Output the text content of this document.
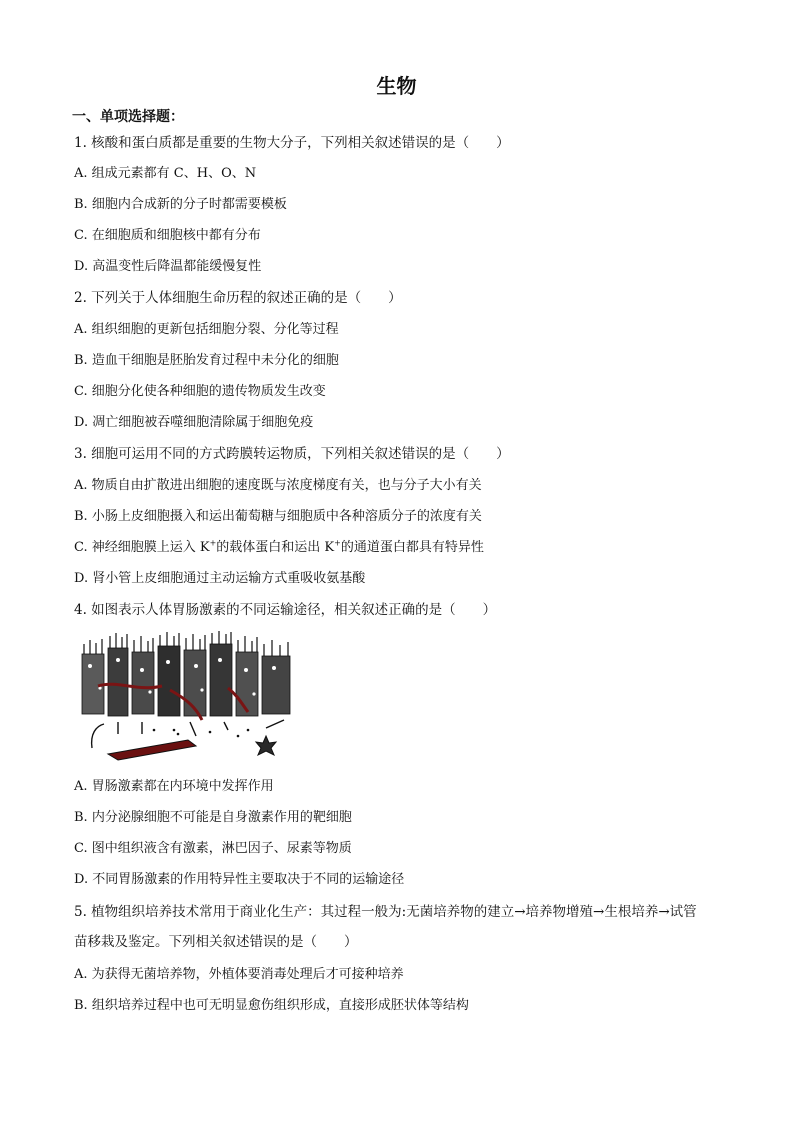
生物
一、单项选择题：
1. 核酸和蛋白质都是重要的生物大分子，下列相关叙述错误的是（　　）
A. 组成元素都有 C、H、O、N
B. 细胞内合成新的分子时都需要模板
C. 在细胞质和细胞核中都有分布
D. 高温变性后降温都能缓慢复性
2. 下列关于人体细胞生命历程的叙述正确的是（　　）
A. 组织细胞的更新包括细胞分裂、分化等过程
B. 造血干细胞是胚胎发育过程中未分化的细胞
C. 细胞分化使各种细胞的遗传物质发生改变
D. 凋亡细胞被吞噬细胞清除属于细胞免疫
3. 细胞可运用不同的方式跨膜转运物质，下列相关叙述错误的是（　　）
A. 物质自由扩散进出细胞的速度既与浓度梯度有关，也与分子大小有关
B. 小肠上皮细胞摄入和运出葡萄糖与细胞质中各种溶质分子的浓度有关
C. 神经细胞膜上运入 K+的载体蛋白和运出 K+的通道蛋白都具有特异性
D. 肾小管上皮细胞通过主动运输方式重吸收氨基酸
4. 如图表示人体胃肠激素的不同运输途径，相关叙述正确的是（　　）
A. 胃肠激素都在内环境中发挥作用
B. 内分泌腺细胞不可能是自身激素作用的靶细胞
C. 图中组织液含有激素，淋巴因子、尿素等物质
D. 不同胃肠激素的作用特异性主要取决于不同的运输途径
5. 植物组织培养技术常用于商业化生产：其过程一般为:无菌培养物的建立→培养物增殖→生根培养→试管
苗移栽及鉴定。下列相关叙述错误的是（　　）
A. 为获得无菌培养物，外植体要消毒处理后才可接种培养
B. 组织培养过程中也可无明显愈伤组织形成，直接形成胚状体等结构
